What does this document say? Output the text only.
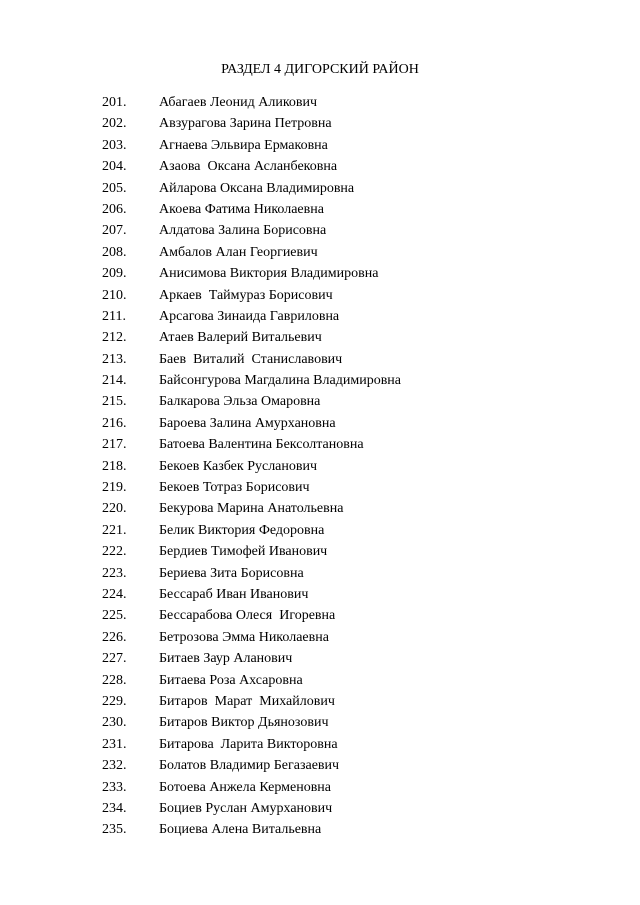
РАЗДЕЛ 4 ДИГОРСКИЙ РАЙОН
201. Абагаев Леонид Аликович
202. Авзурагова Зарина Петровна
203. Агнаева Эльвира Ермаковна
204. Азаова  Оксана Асланбековна
205. Айларова Оксана Владимировна
206. Акоева Фатима Николаевна
207. Алдатова Залина Борисовна
208. Амбалов Алан Георгиевич
209. Анисимова Виктория Владимировна
210. Аркаев  Таймураз Борисович
211. Арсагова Зинаида Гавриловна
212. Атаев Валерий Витальевич
213. Баев  Виталий  Станиславович
214. Байсонгурова Магдалина Владимировна
215. Балкарова Эльза Омаровна
216. Бароева Залина Амурхановна
217. Батоева Валентина Бексолтановна
218. Бекоев Казбек Русланович
219. Бекоев Тотраз Борисович
220. Бекурова Марина Анатольевна
221. Белик Виктория Федоровна
222. Бердиев Тимофей Иванович
223. Бериева Зита Борисовна
224. Бессараб Иван Иванович
225. Бессарабова Олеся  Игоревна
226. Бетрозова Эмма Николаевна
227. Битаев Заур Аланович
228. Битаева Роза Ахсаровна
229. Битаров  Марат  Михайлович
230. Битаров Виктор Дьянозович
231. Битарова  Ларита Викторовна
232. Болатов Владимир Бегазаевич
233. Ботоева Анжела Керменовна
234. Боциев Руслан Амурханович
235. Боциева Алена Витальевна
